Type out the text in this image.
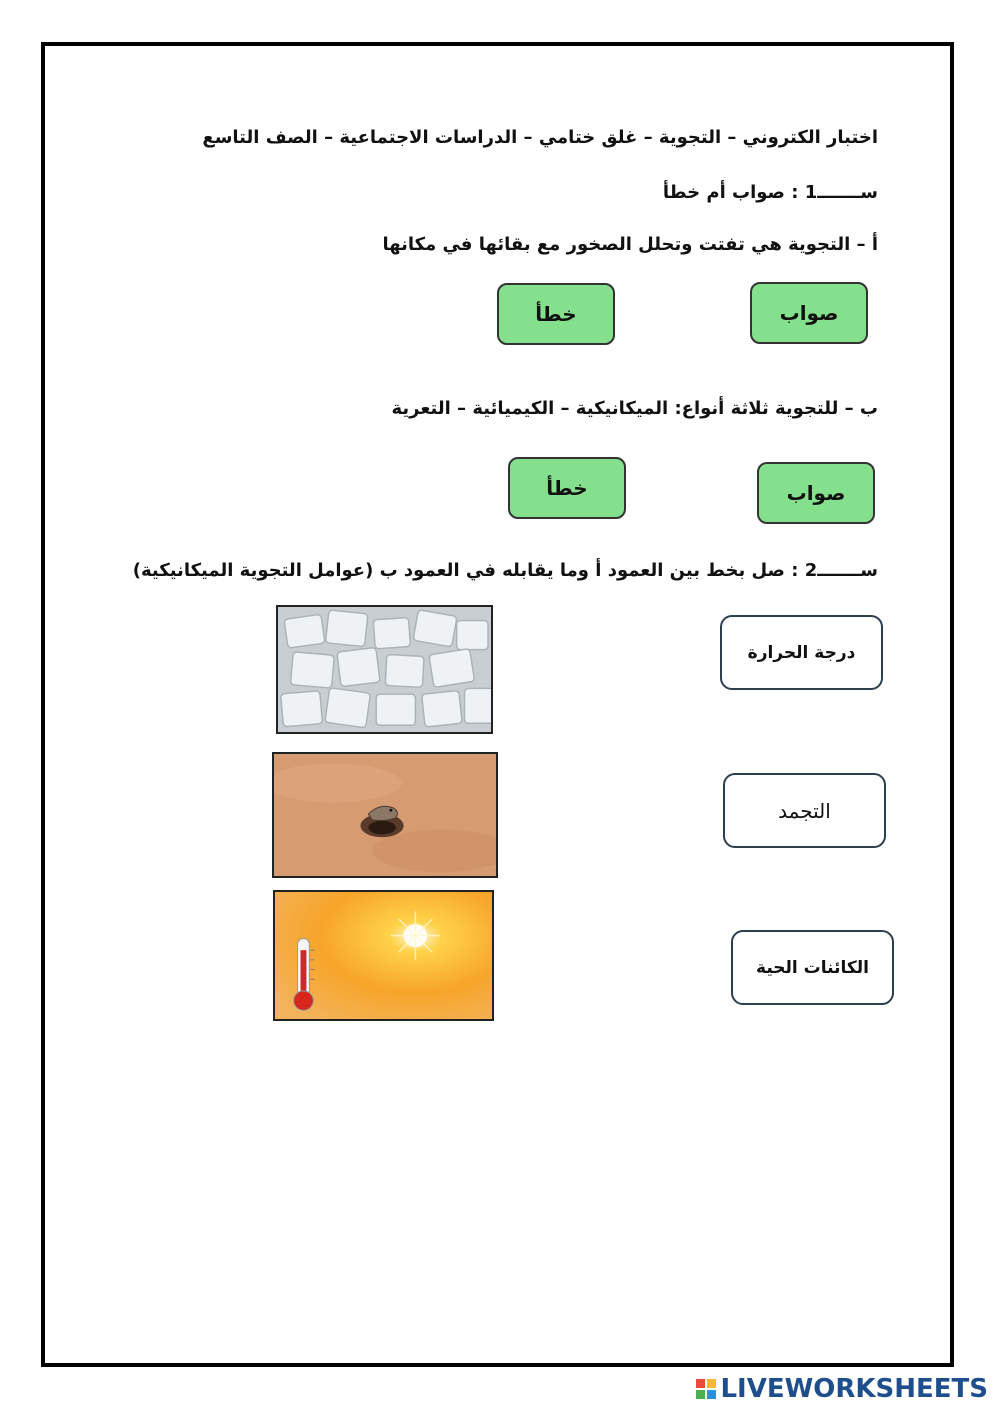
اختبار الكتروني – التجوية – غلق ختامي – الدراسات الاجتماعية – الصف التاسع
ســـــــ1 : صواب أم خطأ
أ – التجوية هي تفتت وتحلل الصخور مع بقائها في مكانها
صواب
خطأ
ب – للتجوية ثلاثة أنواع: الميكانيكية – الكيميائية – التعرية
صواب
خطأ
ســـــــ2 : صل بخط بين العمود أ وما يقابله في العمود ب (عوامل التجوية الميكانيكية)
درجة الحرارة
التجمد
الكائنات الحية
LIVEWORKSHEETS
